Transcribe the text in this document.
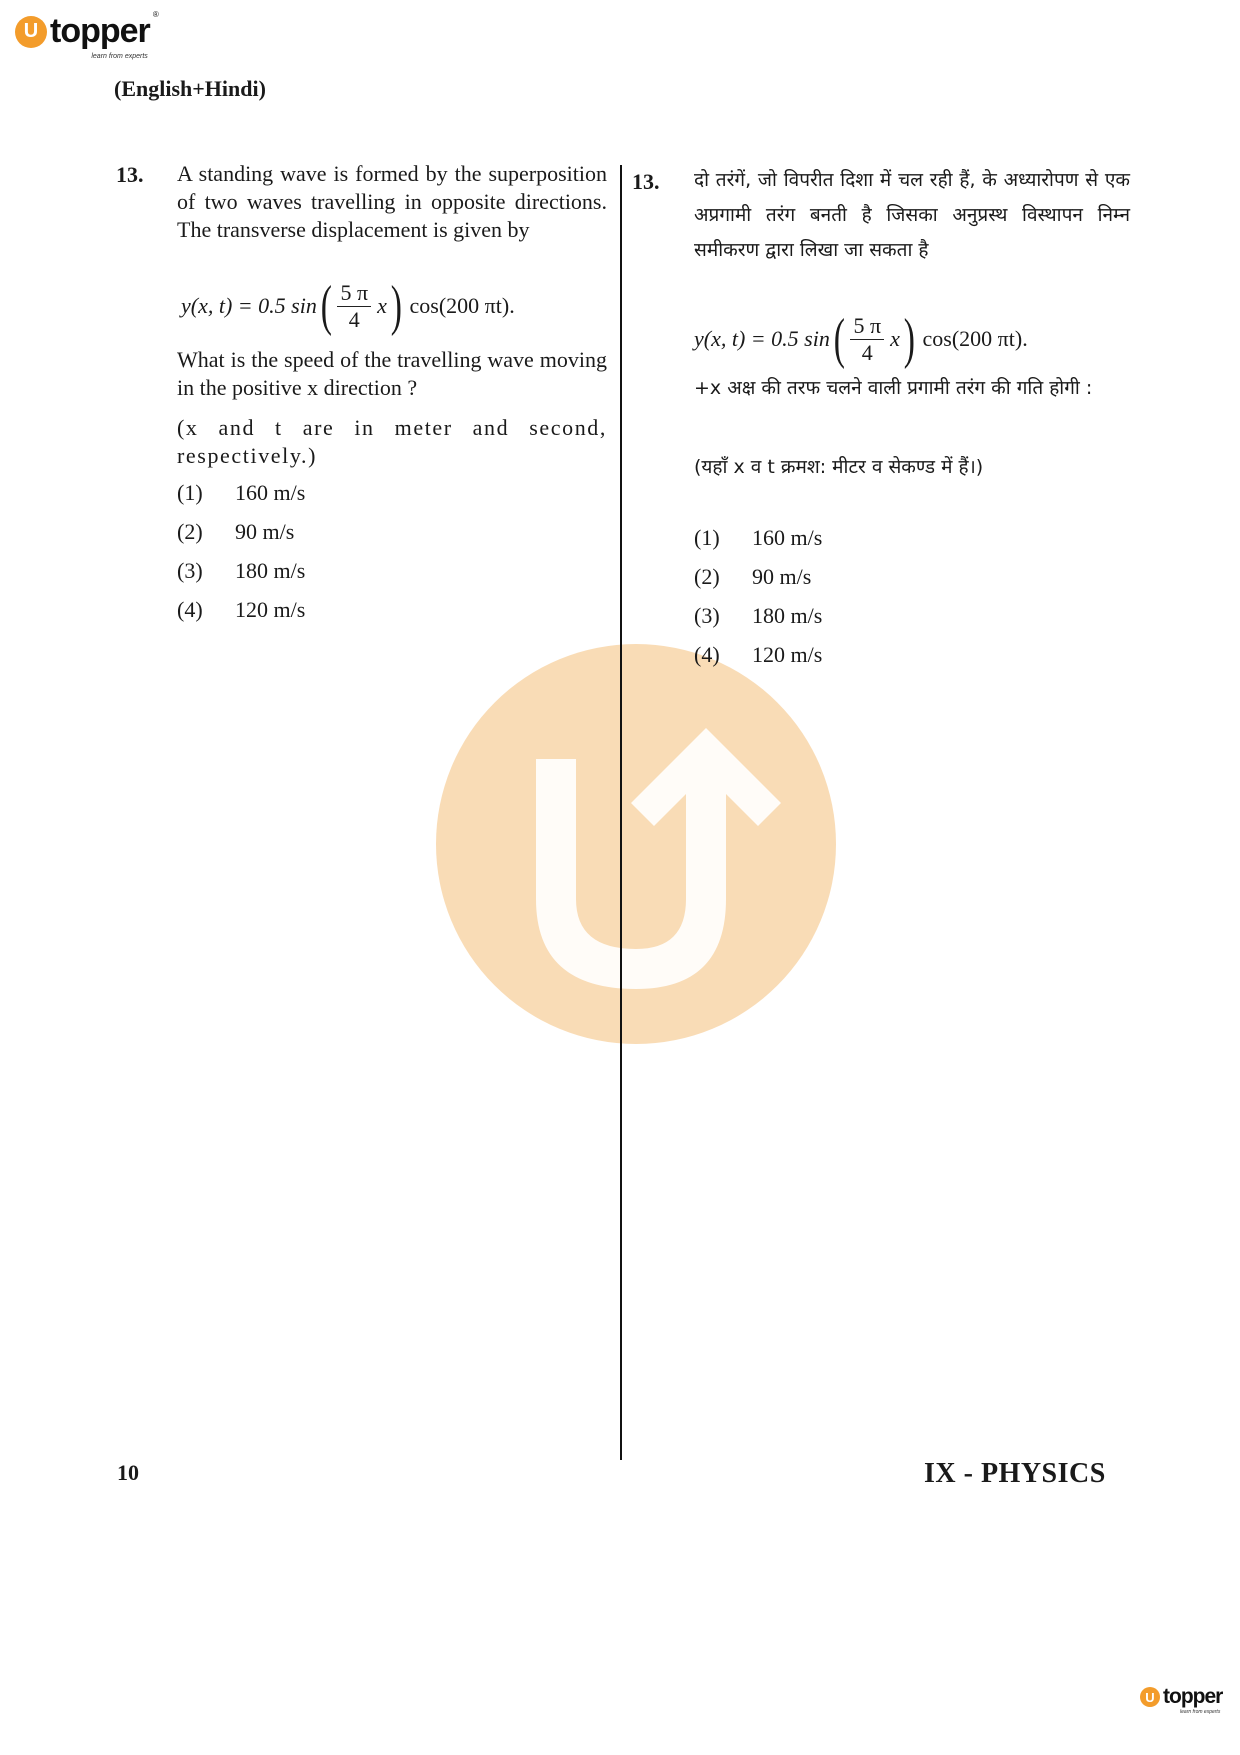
U topper ®
learn from experts
(English+Hindi)
13. A standing wave is formed by the superposition of two waves travelling in opposite directions. The transverse displacement is given by
y(x, t) = 0.5 sin ( $\frac{5 \pi}{4}$ x ) cos(200 πt).
What is the speed of the travelling wave moving in the positive x direction ?
(x and t are in meter and second, respectively.)
(1)	160 m/s
(2)	90 m/s
(3)	180 m/s
(4)	120 m/s
13. दो तरंगें, जो विपरीत दिशा में चल रही हैं, के अध्यारोपण से एक अप्रगामी तरंग बनती है जिसका अनुप्रस्थ विस्थापन निम्न समीकरण द्वारा लिखा जा सकता है
y(x, t) = 0.5 sin ( $\frac{5 \pi}{4}$ x ) cos(200 πt).
+x अक्ष की तरफ चलने वाली प्रगामी तरंग की गति होगी :
(यहाँ x व t क्रमश: मीटर व सेकण्ड में हैं।)
(1)	160 m/s
(2)	90 m/s
(3)	180 m/s
(4)	120 m/s
10	IX - PHYSICS
U topper
learn from experts
